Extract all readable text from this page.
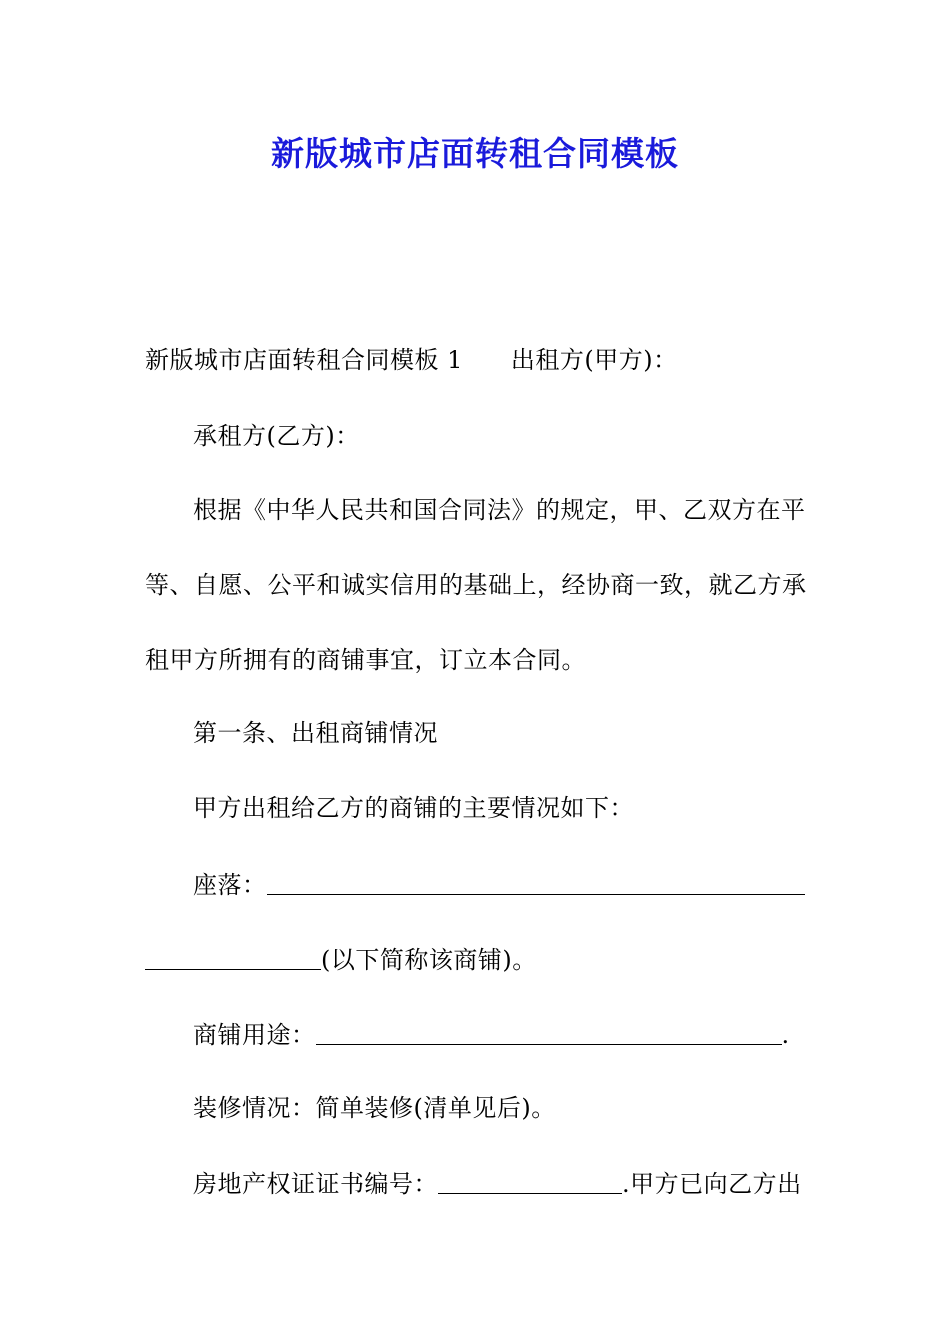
新版城市店面转租合同模板
新版城市店面转租合同模板 1 出租方(甲方)：
承租方(乙方)：
根据《中华人民共和国合同法》的规定，甲、乙双方在平
等、自愿、公平和诚实信用的基础上，经协商一致，就乙方承
租甲方所拥有的商铺事宜，订立本合同。
第一条、出租商铺情况
甲方出租给乙方的商铺的主要情况如下：
座落：
(以下简称该商铺)。
商铺用途：	.
装修情况：简单装修(清单见后)。
房地产权证证书编号：	.甲方已向乙方出
